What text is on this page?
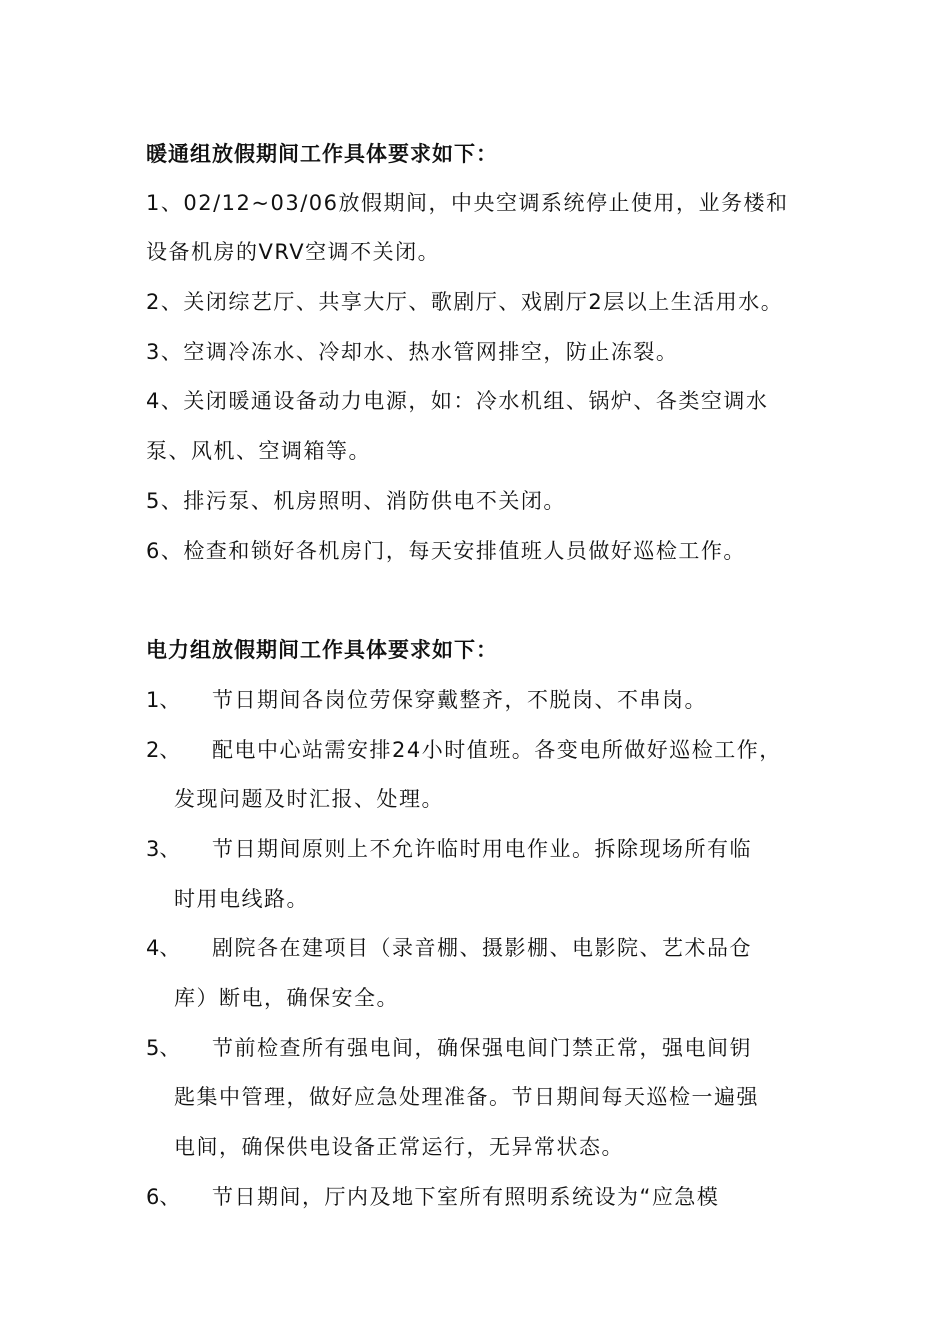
暖通组放假期间工作具体要求如下：
1、02/12~03/06放假期间，中央空调系统停止使用，业务楼和
设备机房的VRV空调不关闭。
2、关闭综艺厅、共享大厅、歌剧厅、戏剧厅2层以上生活用水。
3、空调冷冻水、冷却水、热水管网排空，防止冻裂。
4、关闭暖通设备动力电源，如：冷水机组、锅炉、各类空调水
泵、风机、空调箱等。
5、排污泵、机房照明、消防供电不关闭。
6、检查和锁好各机房门，每天安排值班人员做好巡检工作。
电力组放假期间工作具体要求如下：
1、 节日期间各岗位劳保穿戴整齐，不脱岗、不串岗。
2、 配电中心站需安排24小时值班。各变电所做好巡检工作，
发现问题及时汇报、处理。
3、 节日期间原则上不允许临时用电作业。拆除现场所有临
时用电线路。
4、 剧院各在建项目（录音棚、摄影棚、电影院、艺术品仓
库）断电，确保安全。
5、 节前检查所有强电间，确保强电间门禁正常，强电间钥
匙集中管理，做好应急处理准备。节日期间每天巡检一遍强
电间，确保供电设备正常运行，无异常状态。
6、 节日期间，厅内及地下室所有照明系统设为“应急模
